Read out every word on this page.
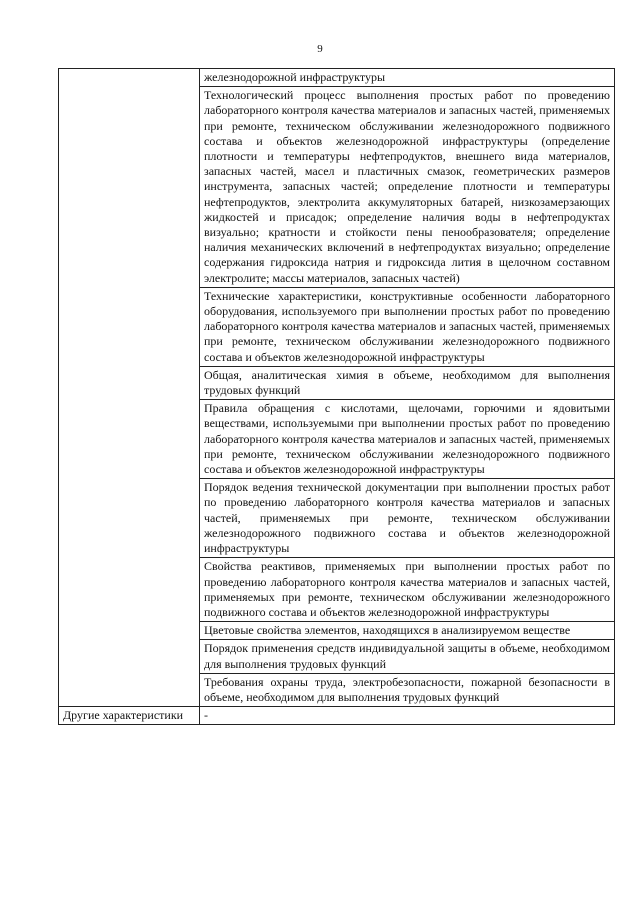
9
	железнодорожной инфраструктуры
	Технологический процесс выполнения простых работ по проведению лабораторного контроля качества материалов и запасных частей, применяемых при ремонте, техническом обслуживании железнодорожного подвижного состава и объектов железнодорожной инфраструктуры (определение плотности и температуры нефтепродуктов, внешнего вида материалов, запасных частей, масел и пластичных смазок, геометрических размеров инструмента, запасных частей; определение плотности и температуры нефтепродуктов, электролита аккумуляторных батарей, низкозамерзающих жидкостей и присадок; определение наличия воды в нефтепродуктах визуально; кратности и стойкости пены пенообразователя; определение наличия механических включений в нефтепродуктах визуально; определение содержания гидроксида натрия и гидроксида лития в щелочном составном электролите; массы материалов, запасных частей)
	Технические характеристики, конструктивные особенности лабораторного оборудования, используемого при выполнении простых работ по проведению лабораторного контроля качества материалов и запасных частей, применяемых при ремонте, техническом обслуживании железнодорожного подвижного состава и объектов железнодорожной инфраструктуры
	Общая, аналитическая химия в объеме, необходимом для выполнения трудовых функций
	Правила обращения с кислотами, щелочами, горючими и ядовитыми веществами, используемыми при выполнении простых работ по проведению лабораторного контроля качества материалов и запасных частей, применяемых при ремонте, техническом обслуживании железнодорожного подвижного состава и объектов железнодорожной инфраструктуры
	Порядок ведения технической документации при выполнении простых работ по проведению лабораторного контроля качества материалов и запасных частей, применяемых при ремонте, техническом обслуживании железнодорожного подвижного состава и объектов железнодорожной инфраструктуры
	Свойства реактивов, применяемых при выполнении простых работ по проведению лабораторного контроля качества материалов и запасных частей, применяемых при ремонте, техническом обслуживании железнодорожного подвижного состава и объектов железнодорожной инфраструктуры
	Цветовые свойства элементов, находящихся в анализируемом веществе
	Порядок применения средств индивидуальной защиты в объеме, необходимом для выполнения трудовых функций
	Требования охраны труда, электробезопасности, пожарной безопасности в объеме, необходимом для выполнения трудовых функций
Другие характеристики	-
